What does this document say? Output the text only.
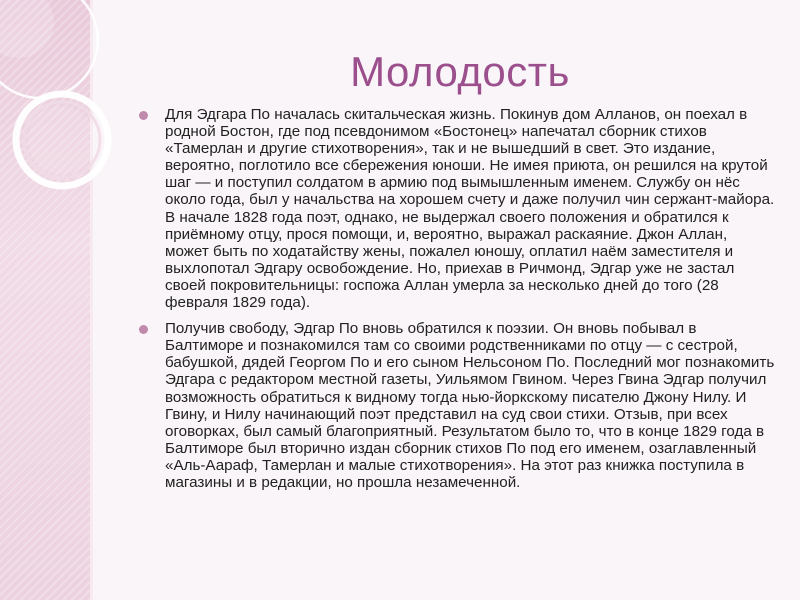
Молодость
Для Эдгара По началась скитальческая жизнь. Покинув дом Алланов, он поехал в родной Бостон, где под псевдонимом «Бостонец» напечатал сборник стихов «Тамерлан и другие стихотворения», так и не вышедший в свет. Это издание, вероятно, поглотило все сбережения юноши. Не имея приюта, он решился на крутой шаг — и поступил солдатом в армию под вымышленным именем. Службу он нёс около года, был у начальства на хорошем счету и даже получил чин сержант-майора. В начале 1828 года поэт, однако, не выдержал своего положения и обратился к приёмному отцу, прося помощи, и, вероятно, выражал раскаяние. Джон Аллан, может быть по ходатайству жены, пожалел юношу, оплатил наём заместителя и выхлопотал Эдгару освобождение. Но, приехав в Ричмонд, Эдгар уже не застал своей покровительницы: госпожа Аллан умерла за несколько дней до того (28 февраля 1829 года).
Получив свободу, Эдгар По вновь обратился к поэзии. Он вновь побывал в Балтиморе и познакомился там со своими родственниками по отцу — с сестрой, бабушкой, дядей Георгом По и его сыном Нельсоном По. Последний мог познакомить Эдгара с редактором местной газеты, Уильямом Гвином. Через Гвина Эдгар получил возможность обратиться к видному тогда нью-йоркскому писателю Джону Нилу. И Гвину, и Нилу начинающий поэт представил на суд свои стихи. Отзыв, при всех оговорках, был самый благоприятный. Результатом было то, что в конце 1829 года в Балтиморе был вторично издан сборник стихов По под его именем, озаглавленный «Аль-Аараф, Тамерлан и малые стихотворения». На этот раз книжка поступила в магазины и в редакции, но прошла незамеченной.
